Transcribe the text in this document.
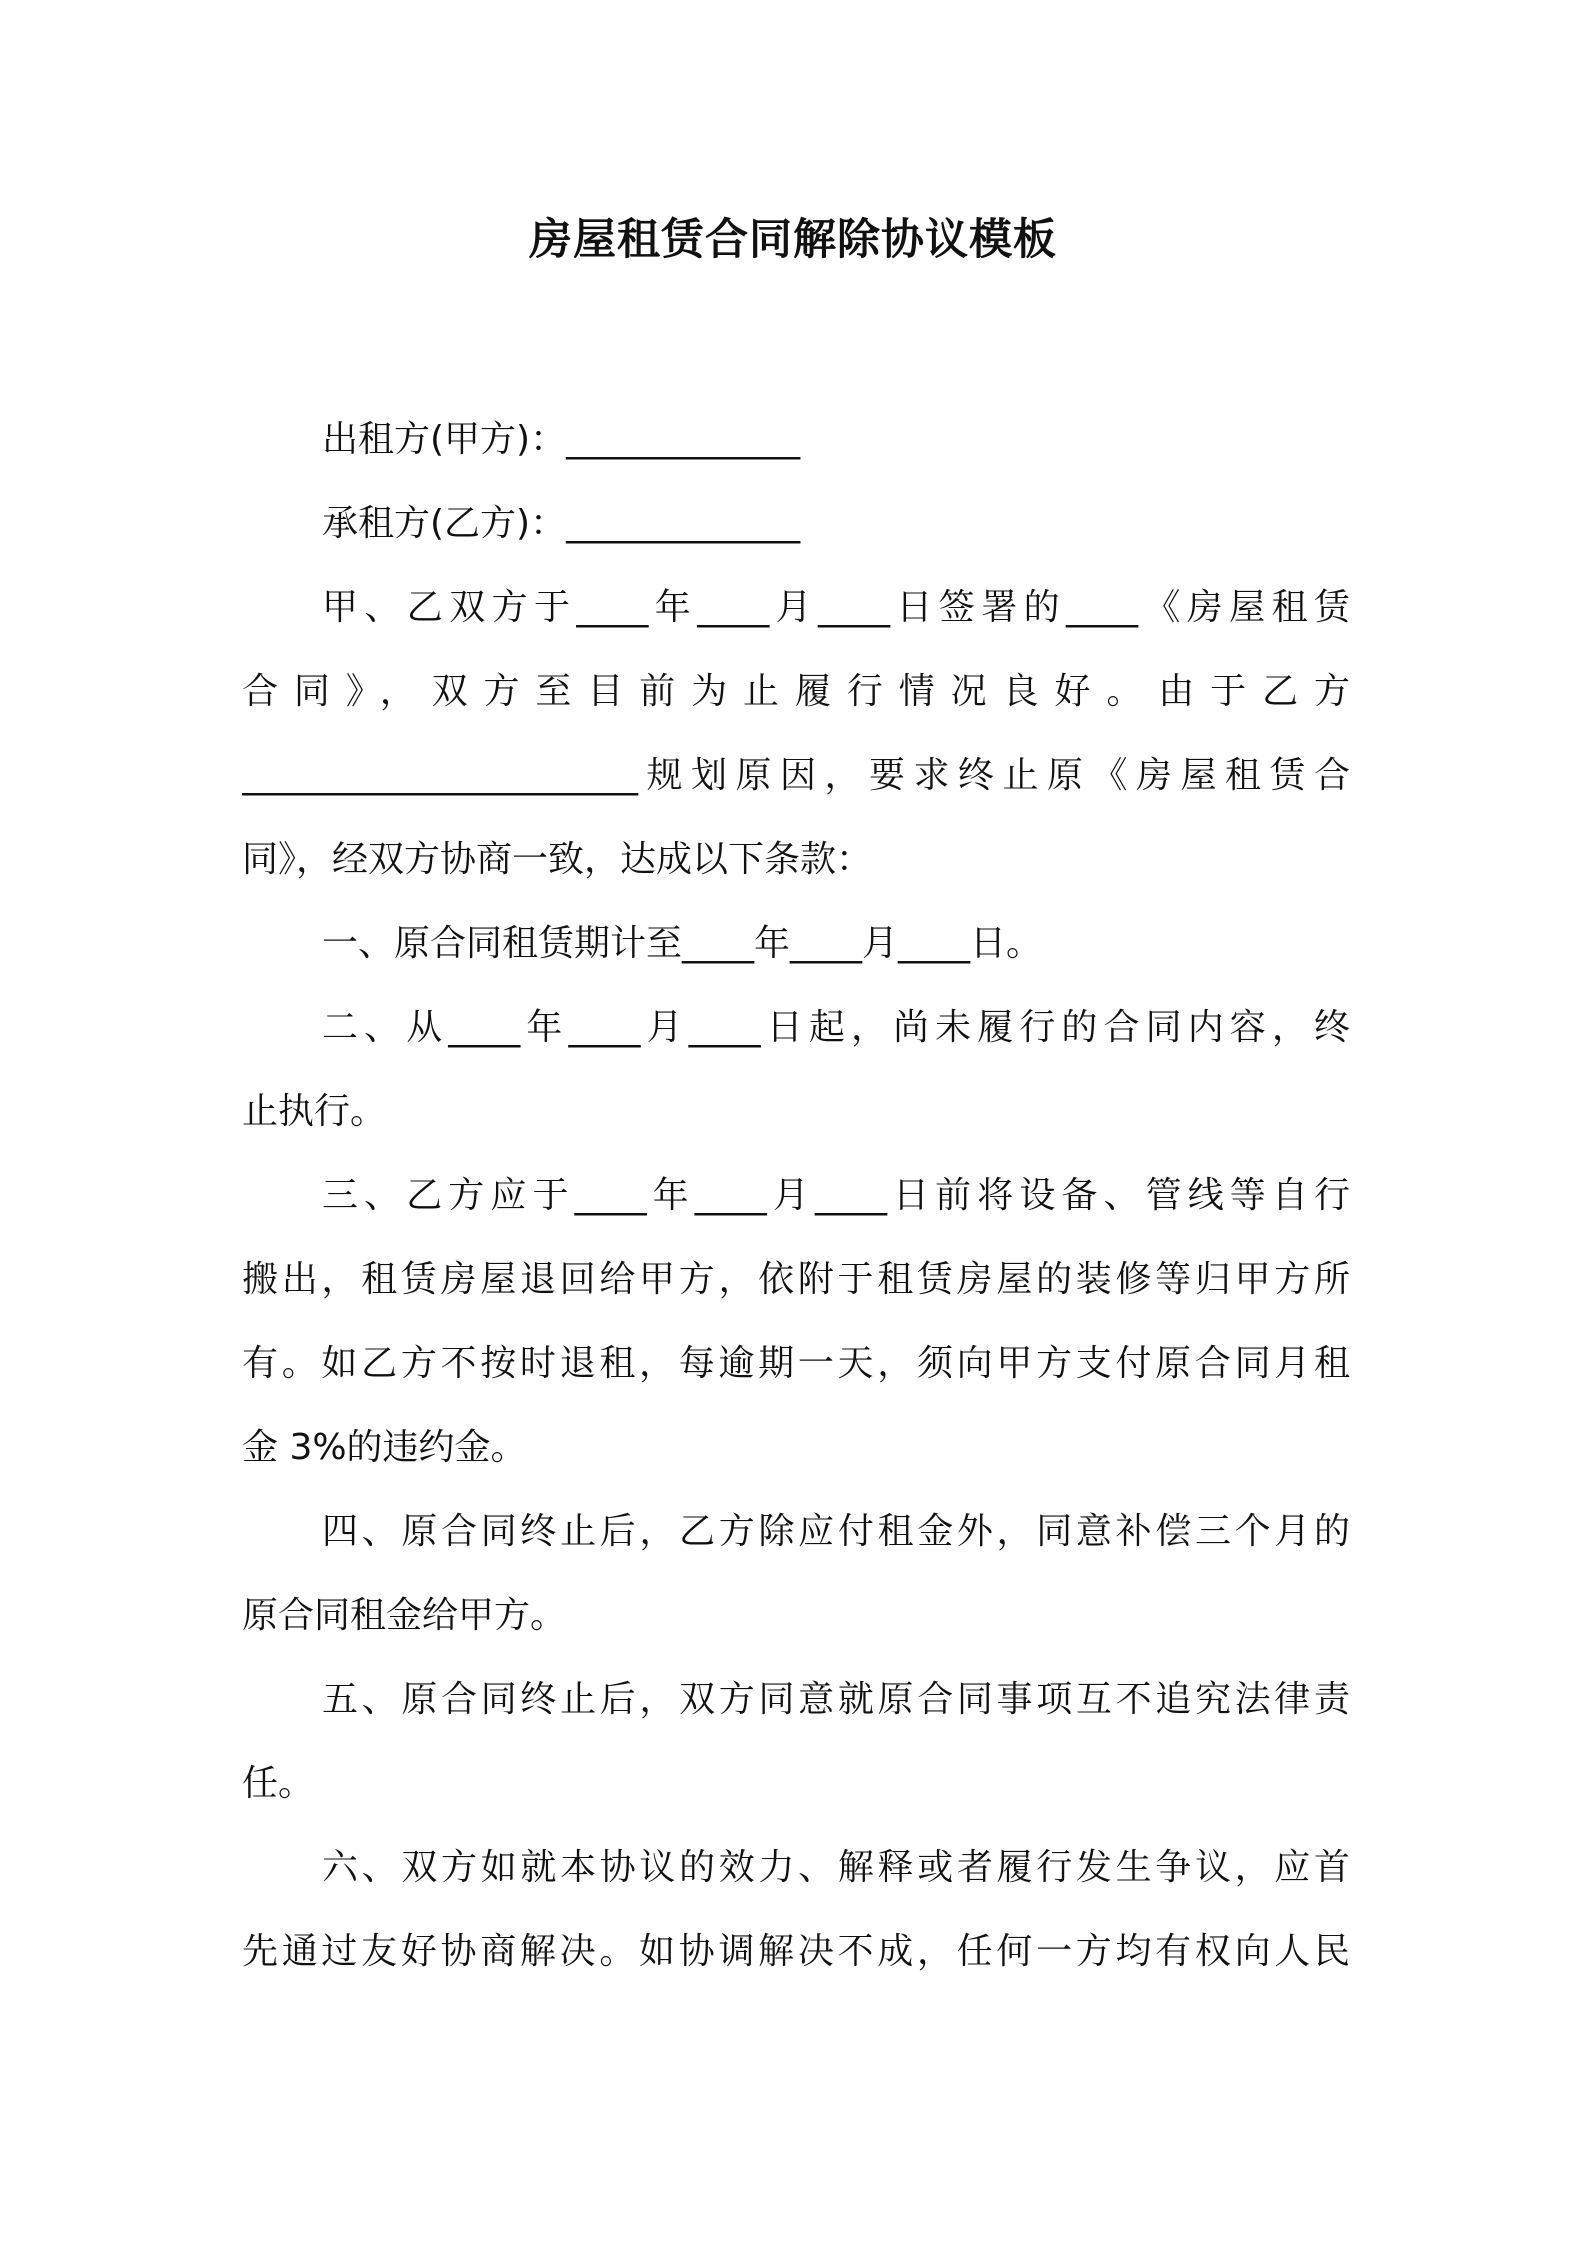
房屋租赁合同解除协议模板
出租方(甲方)：_____________
承租方(乙方)：_____________
甲、乙双方于____年____月____日签署的____《房屋租赁
合同》，双方至目前为止履行情况良好。由于乙方
______________________规划原因，要求终止原《房屋租赁合
同》，经双方协商一致，达成以下条款：
一、原合同租赁期计至____年____月____日。
二、从____年____月____日起，尚未履行的合同内容，终
止执行。
三、乙方应于____年____月____日前将设备、管线等自行
搬出，租赁房屋退回给甲方，依附于租赁房屋的装修等归甲方所
有。如乙方不按时退租，每逾期一天，须向甲方支付原合同月租
金 3%的违约金。
四、原合同终止后，乙方除应付租金外，同意补偿三个月的
原合同租金给甲方。
五、原合同终止后，双方同意就原合同事项互不追究法律责
任。
六、双方如就本协议的效力、解释或者履行发生争议，应首
先通过友好协商解决。如协调解决不成，任何一方均有权向人民
